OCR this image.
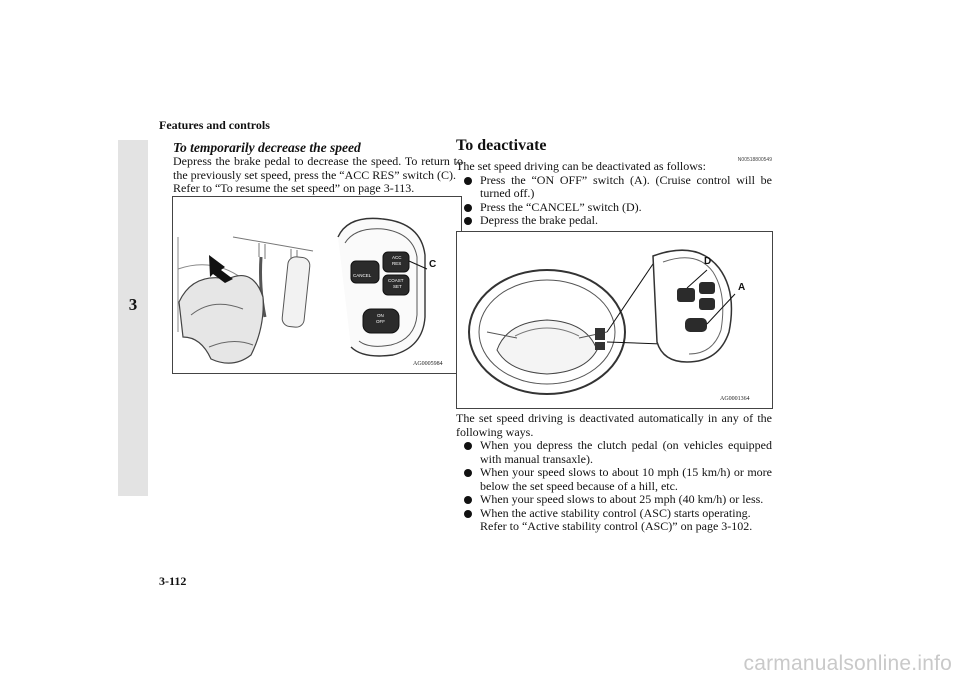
Features and controls
3
To temporarily decrease the speed

Depress the brake pedal to decrease the speed. To return to the previously set speed, press the “ACC RES” switch (C).

Refer to “To resume the set speed” on page 3-113.

CANCEL
ACC
RES
COAST
SET
ON
OFF
C
AG0005984
To deactivate
N00518800549

The set speed driving can be deactivated as follows:

Press the “ON OFF” switch (A). (Cruise control will be turned off.)
Press the “CANCEL” switch (D).
Depress the brake pedal.
D
A
AG0001364

The set speed driving is deactivated automatically in any of the following ways.

When you depress the clutch pedal (on vehicles equipped with manual transaxle).
When your speed slows to about 10 mph (15 km/h) or more below the set speed because of a hill, etc.
When your speed slows to about 25 mph (40 km/h) or less.
When the active stability control (ASC) starts operating.

Refer to “Active stability control (ASC)” on page 3-102.

3-112
carmanualsonline.info
